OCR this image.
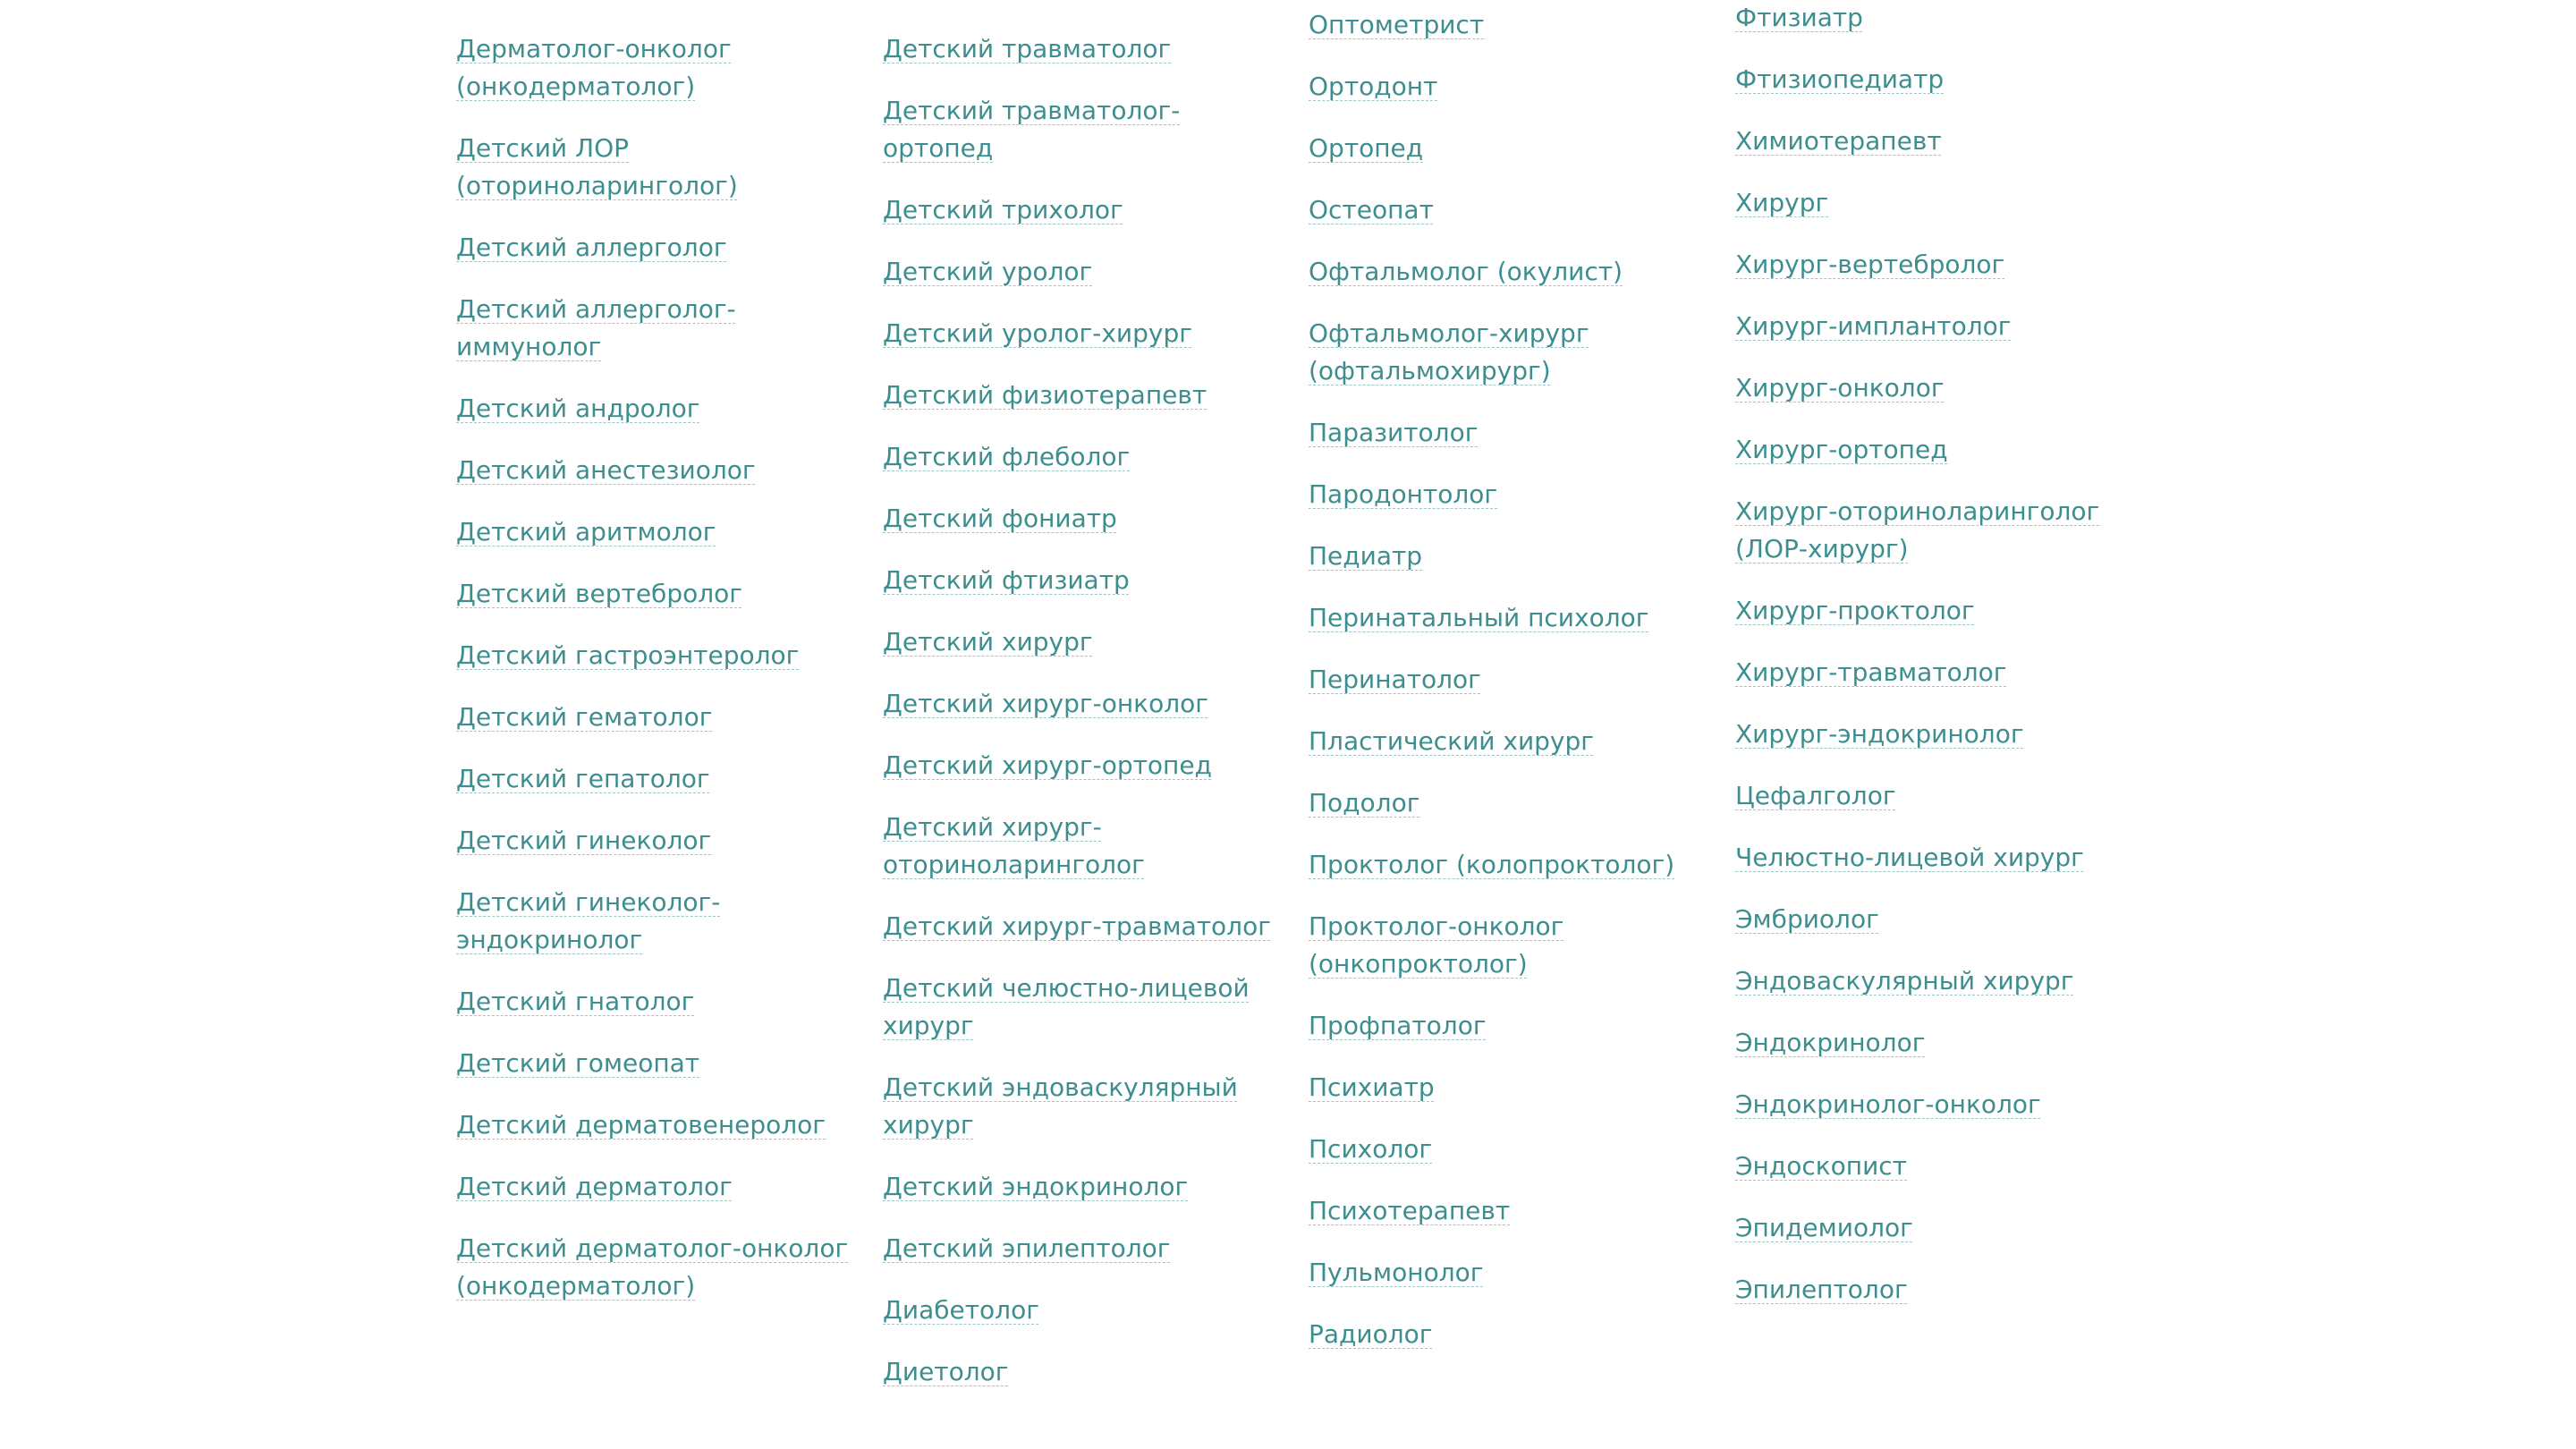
Дерматолог-онколог (онкодерматолог)
Детский ЛОР (оториноларинголог)
Детский аллерголог
Детский аллерголог-иммунолог
Детский андролог
Детский анестезиолог
Детский аритмолог
Детский вертебролог
Детский гастроэнтеролог
Детский гематолог
Детский гепатолог
Детский гинеколог
Детский гинеколог-эндокринолог
Детский гнатолог
Детский гомеопат
Детский дерматовенеролог
Детский дерматолог
Детский дерматолог-онколог (онкодерматолог)
Детский травматолог
Детский травматолог-ортопед
Детский трихолог
Детский уролог
Детский уролог-хирург
Детский физиотерапевт
Детский флеболог
Детский фониатр
Детский фтизиатр
Детский хирург
Детский хирург-онколог
Детский хирург-ортопед
Детский хирург-оториноларинголог
Детский хирург-травматолог
Детский челюстно-лицевой хирург
Детский эндоваскулярный хирург
Детский эндокринолог
Детский эпилептолог
Диабетолог
Диетолог
Оптометрист
Ортодонт
Ортопед
Остеопат
Офтальмолог (окулист)
Офтальмолог-хирург (офтальмохирург)
Паразитолог
Пародонтолог
Педиатр
Перинатальный психолог
Перинатолог
Пластический хирург
Подолог
Проктолог (колопроктолог)
Проктолог-онколог (онкопроктолог)
Профпатолог
Психиатр
Психолог
Психотерапевт
Пульмонолог
Радиолог
Фтизиатр
Фтизиопедиатр
Химиотерапевт
Хирург
Хирург-вертебролог
Хирург-имплантолог
Хирург-онколог
Хирург-ортопед
Хирург-оториноларинголог (ЛОР-хирург)
Хирург-проктолог
Хирург-травматолог
Хирург-эндокринолог
Цефалголог
Челюстно-лицевой хирург
Эмбриолог
Эндоваскулярный хирург
Эндокринолог
Эндокринолог-онколог
Эндоскопист
Эпидемиолог
Эпилептолог
